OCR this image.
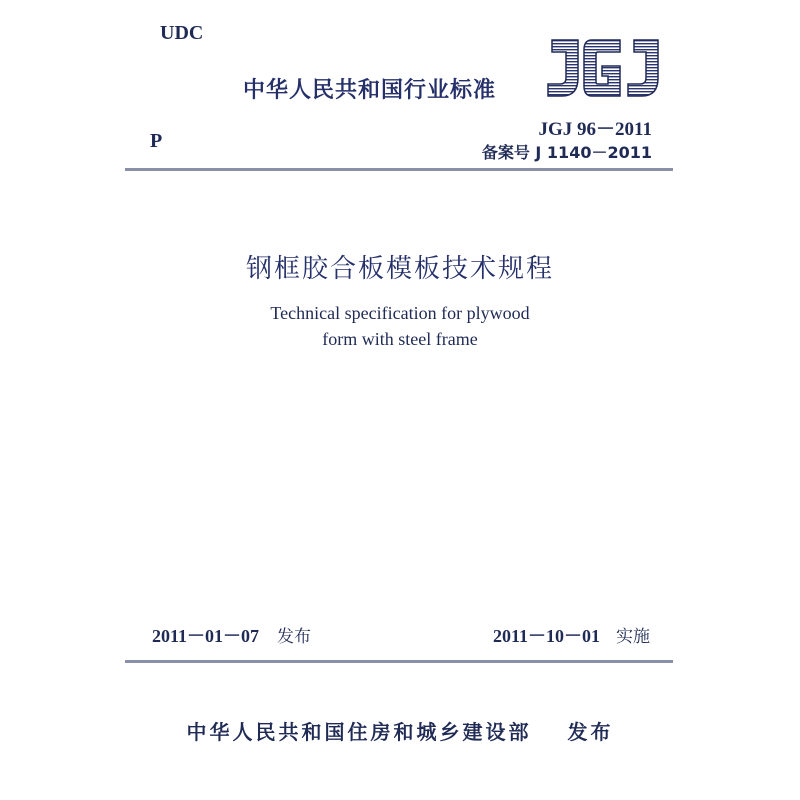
UDC
中华人民共和国行业标准
P
JGJ 96－2011
备案号 J 1140－2011
钢框胶合板模板技术规程
Technical specification for plywood
form with steel frame
2011－01－07 发布	2011－10－01 实施
中华人民共和国住房和城乡建设部 发布
